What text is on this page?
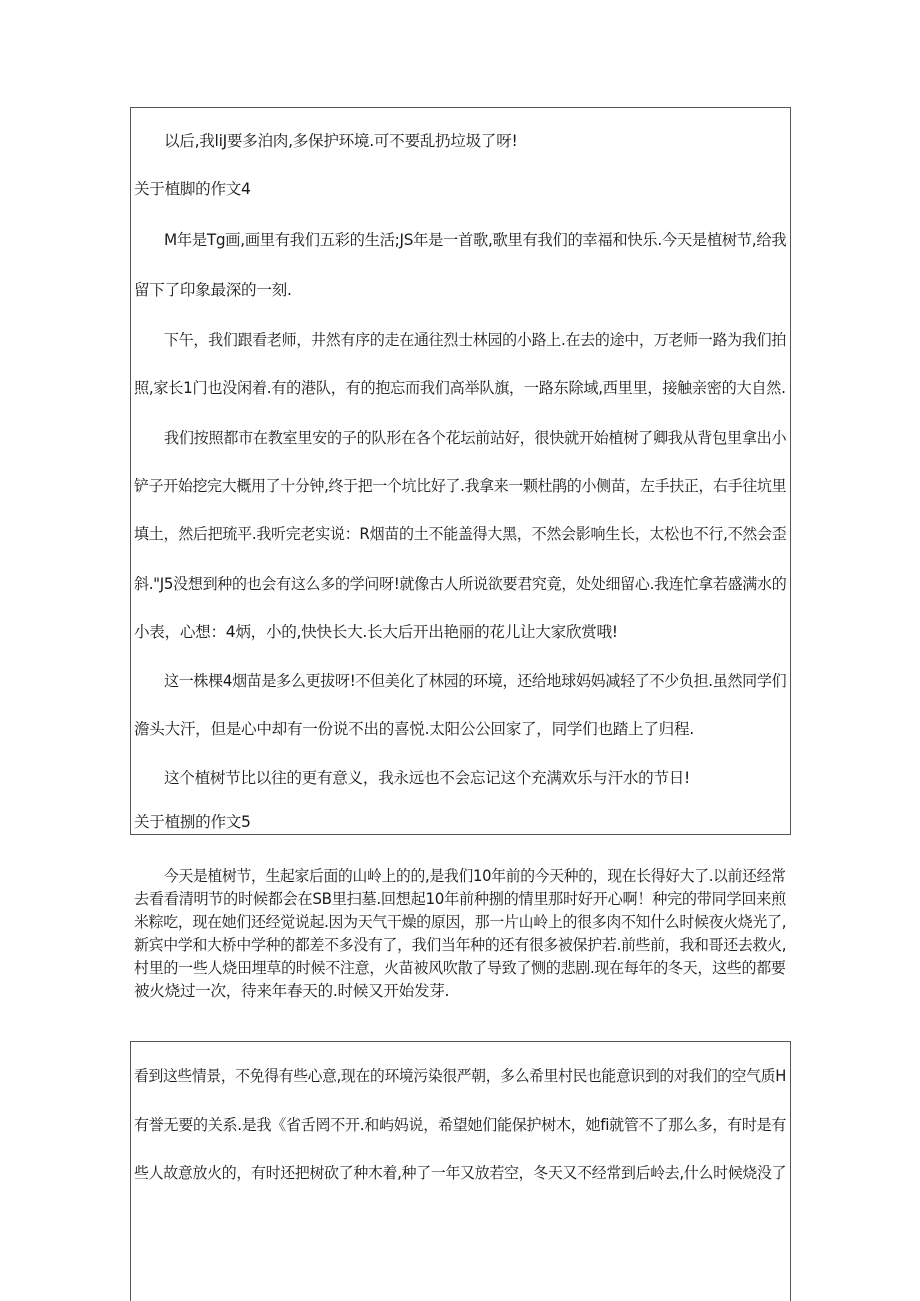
以后,我liJ要多泊肉,多保护环境.可不要乱扔垃圾了呀!
关于植脚的作文4
M年是Tg画,画里有我们五彩的生活;JS年是一首歌,歌里有我们的幸福和快乐.今天是植树节,给我
留下了印象最深的一刻.
下午，我们跟看老师，井然有序的走在通往烈士林园的小路上.在去的途中，万老师一路为我们拍
照,家长1门也没闲着.有的港队，有的抱忘而我们高举队旗，一路东除域,西里里，接触亲密的大自然.
我们按照都市在教室里安的子的队形在各个花坛前站好，很快就开始植树了卿我从背包里拿出小
铲子开始挖完大概用了十分钟,终于把一个坑比好了.我拿来一颗杜鹃的小侧苗，左手扶正，右手往坑里
填土，然后把琉平.我听完老实说：R烟苗的土不能盖得大黑，不然会影响生长，太松也不行,不然会歪
斜."J5没想到种的也会有这么多的学问呀!就像古人所说欲要君究竟，处处细留心.我连忙拿若盛满水的
小表，心想：4炳，小的,快快长大.长大后开出艳丽的花儿让大家欣赏哦!
这一株棵4烟苗是多么更拔呀!不但美化了林园的环境，还给地球妈妈减轻了不少负担.虽然同学们
澹头大汗，但是心中却有一份说不出的喜悦.太阳公公回家了，同学们也踏上了归程.
这个植树节比以往的更有意义，我永远也不会忘记这个充满欢乐与汗水的节日!
关于植捌的作文5
今天是植树节，生起家后面的山岭上的的,是我们10年前的今天种的，现在长得好大了.以前还经常
去看看清明节的时候都会在SB里扫墓.回想起10年前种捌的情里那时好开心啊！种完的带同学回来煎
米粽吃，现在她们还经觉说起.因为天气干燥的原因，那一片山岭上的很多肉不知什么时候夜火烧光了,
新宾中学和大桥中学种的都差不多没有了，我们当年种的还有很多被保护若.前些前，我和哥还去救火,
村里的一些人烧田埋草的时候不注意，火苗被风吹散了导致了恻的悲剧.现在每年的冬天，这些的都要
被火烧过一次，待来年春天的.时候又开始发芽.
看到这些情景，不免得有些心意,现在的环境污染很严朝，多么希里村民也能意识到的对我们的空气质H
有誉无要的关系.是我《省舌罔不开.和屿妈说，希望她们能保护树木，她fi就管不了那么多，有时是有
些人故意放火的，有时还把树砍了种木着,种了一年又放若空，冬天又不经常到后岭去,什么时候烧没了
